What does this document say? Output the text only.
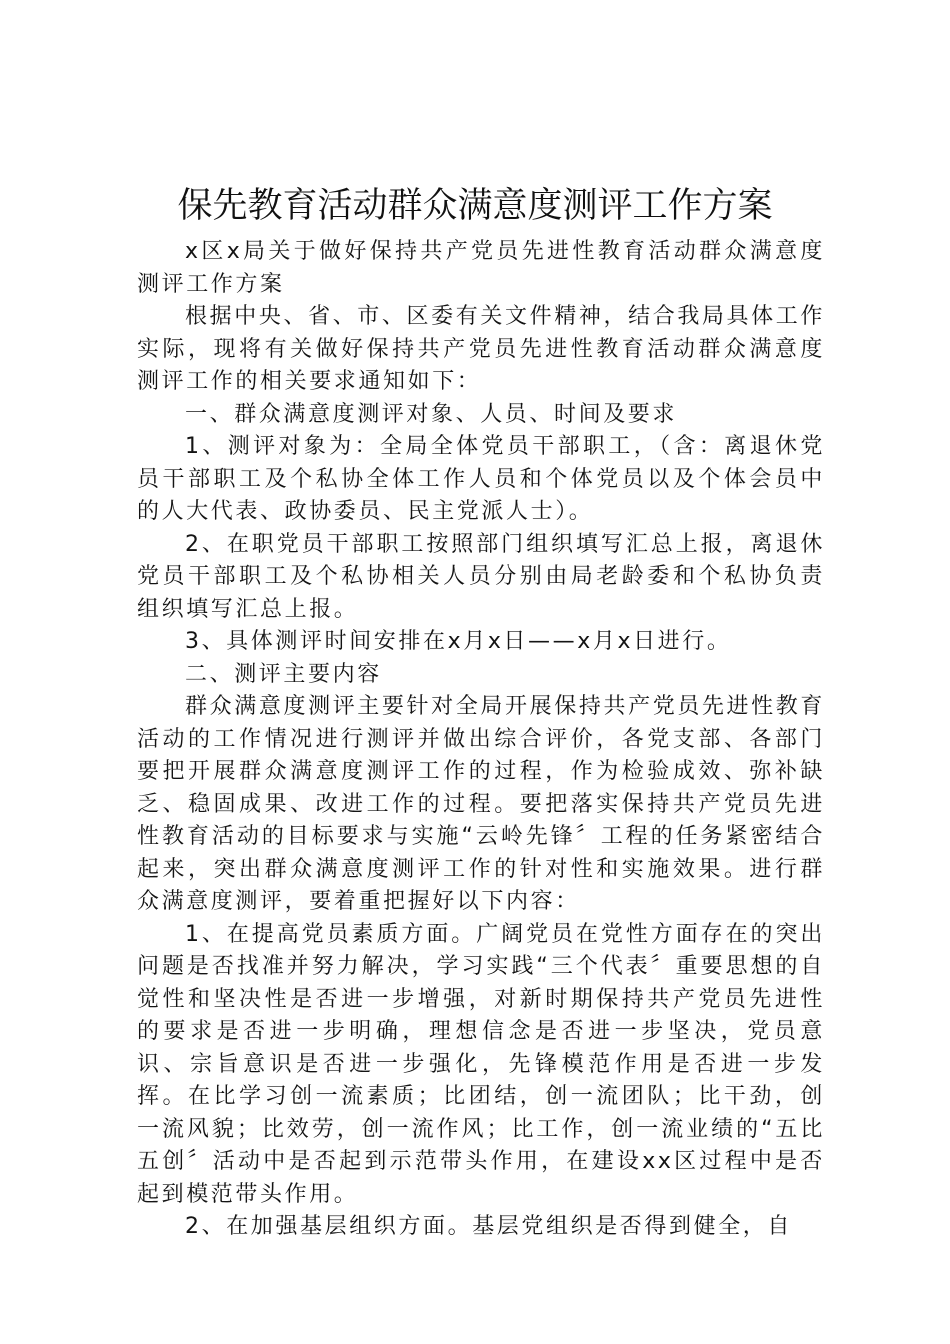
保先教育活动群众满意度测评工作方案

x区x局关于做好保持共产党员先进性教育活动群众满意度测评工作方案

根据中央、省、市、区委有关文件精神，结合我局具体工作实际，现将有关做好保持共产党员先进性教育活动群众满意度测评工作的相关要求通知如下：

一、群众满意度测评对象、人员、时间及要求

1、测评对象为：全局全体党员干部职工，（含：离退休党员干部职工及个私协全体工作人员和个体党员以及个体会员中的人大代表、政协委员、民主党派人士）。

2、在职党员干部职工按照部门组织填写汇总上报，离退休党员干部职工及个私协相关人员分别由局老龄委和个私协负责组织填写汇总上报。

3、具体测评时间安排在x月x日——x月x日进行。

二、测评主要内容

群众满意度测评主要针对全局开展保持共产党员先进性教育活动的工作情况进行测评并做出综合评价，各党支部、各部门要把开展群众满意度测评工作的过程，作为检验成效、弥补缺乏、稳固成果、改进工作的过程。要把落实保持共产党员先进性教育活动的目标要求与实施“云岭先锋〞工程的任务紧密结合起来，突出群众满意度测评工作的针对性和实施效果。进行群众满意度测评，要着重把握好以下内容：

1、在提高党员素质方面。广阔党员在党性方面存在的突出问题是否找准并努力解决，学习实践“三个代表〞重要思想的自觉性和坚决性是否进一步增强，对新时期保持共产党员先进性的要求是否进一步明确，理想信念是否进一步坚决，党员意识、宗旨意识是否进一步强化，先锋模范作用是否进一步发挥。在比学习创一流素质；比团结，创一流团队；比干劲，创一流风貌；比效劳，创一流作风；比工作，创一流业绩的“五比五创〞活动中是否起到示范带头作用，在建设xx区过程中是否起到模范带头作用。

2、在加强基层组织方面。基层党组织是否得到健全，自
